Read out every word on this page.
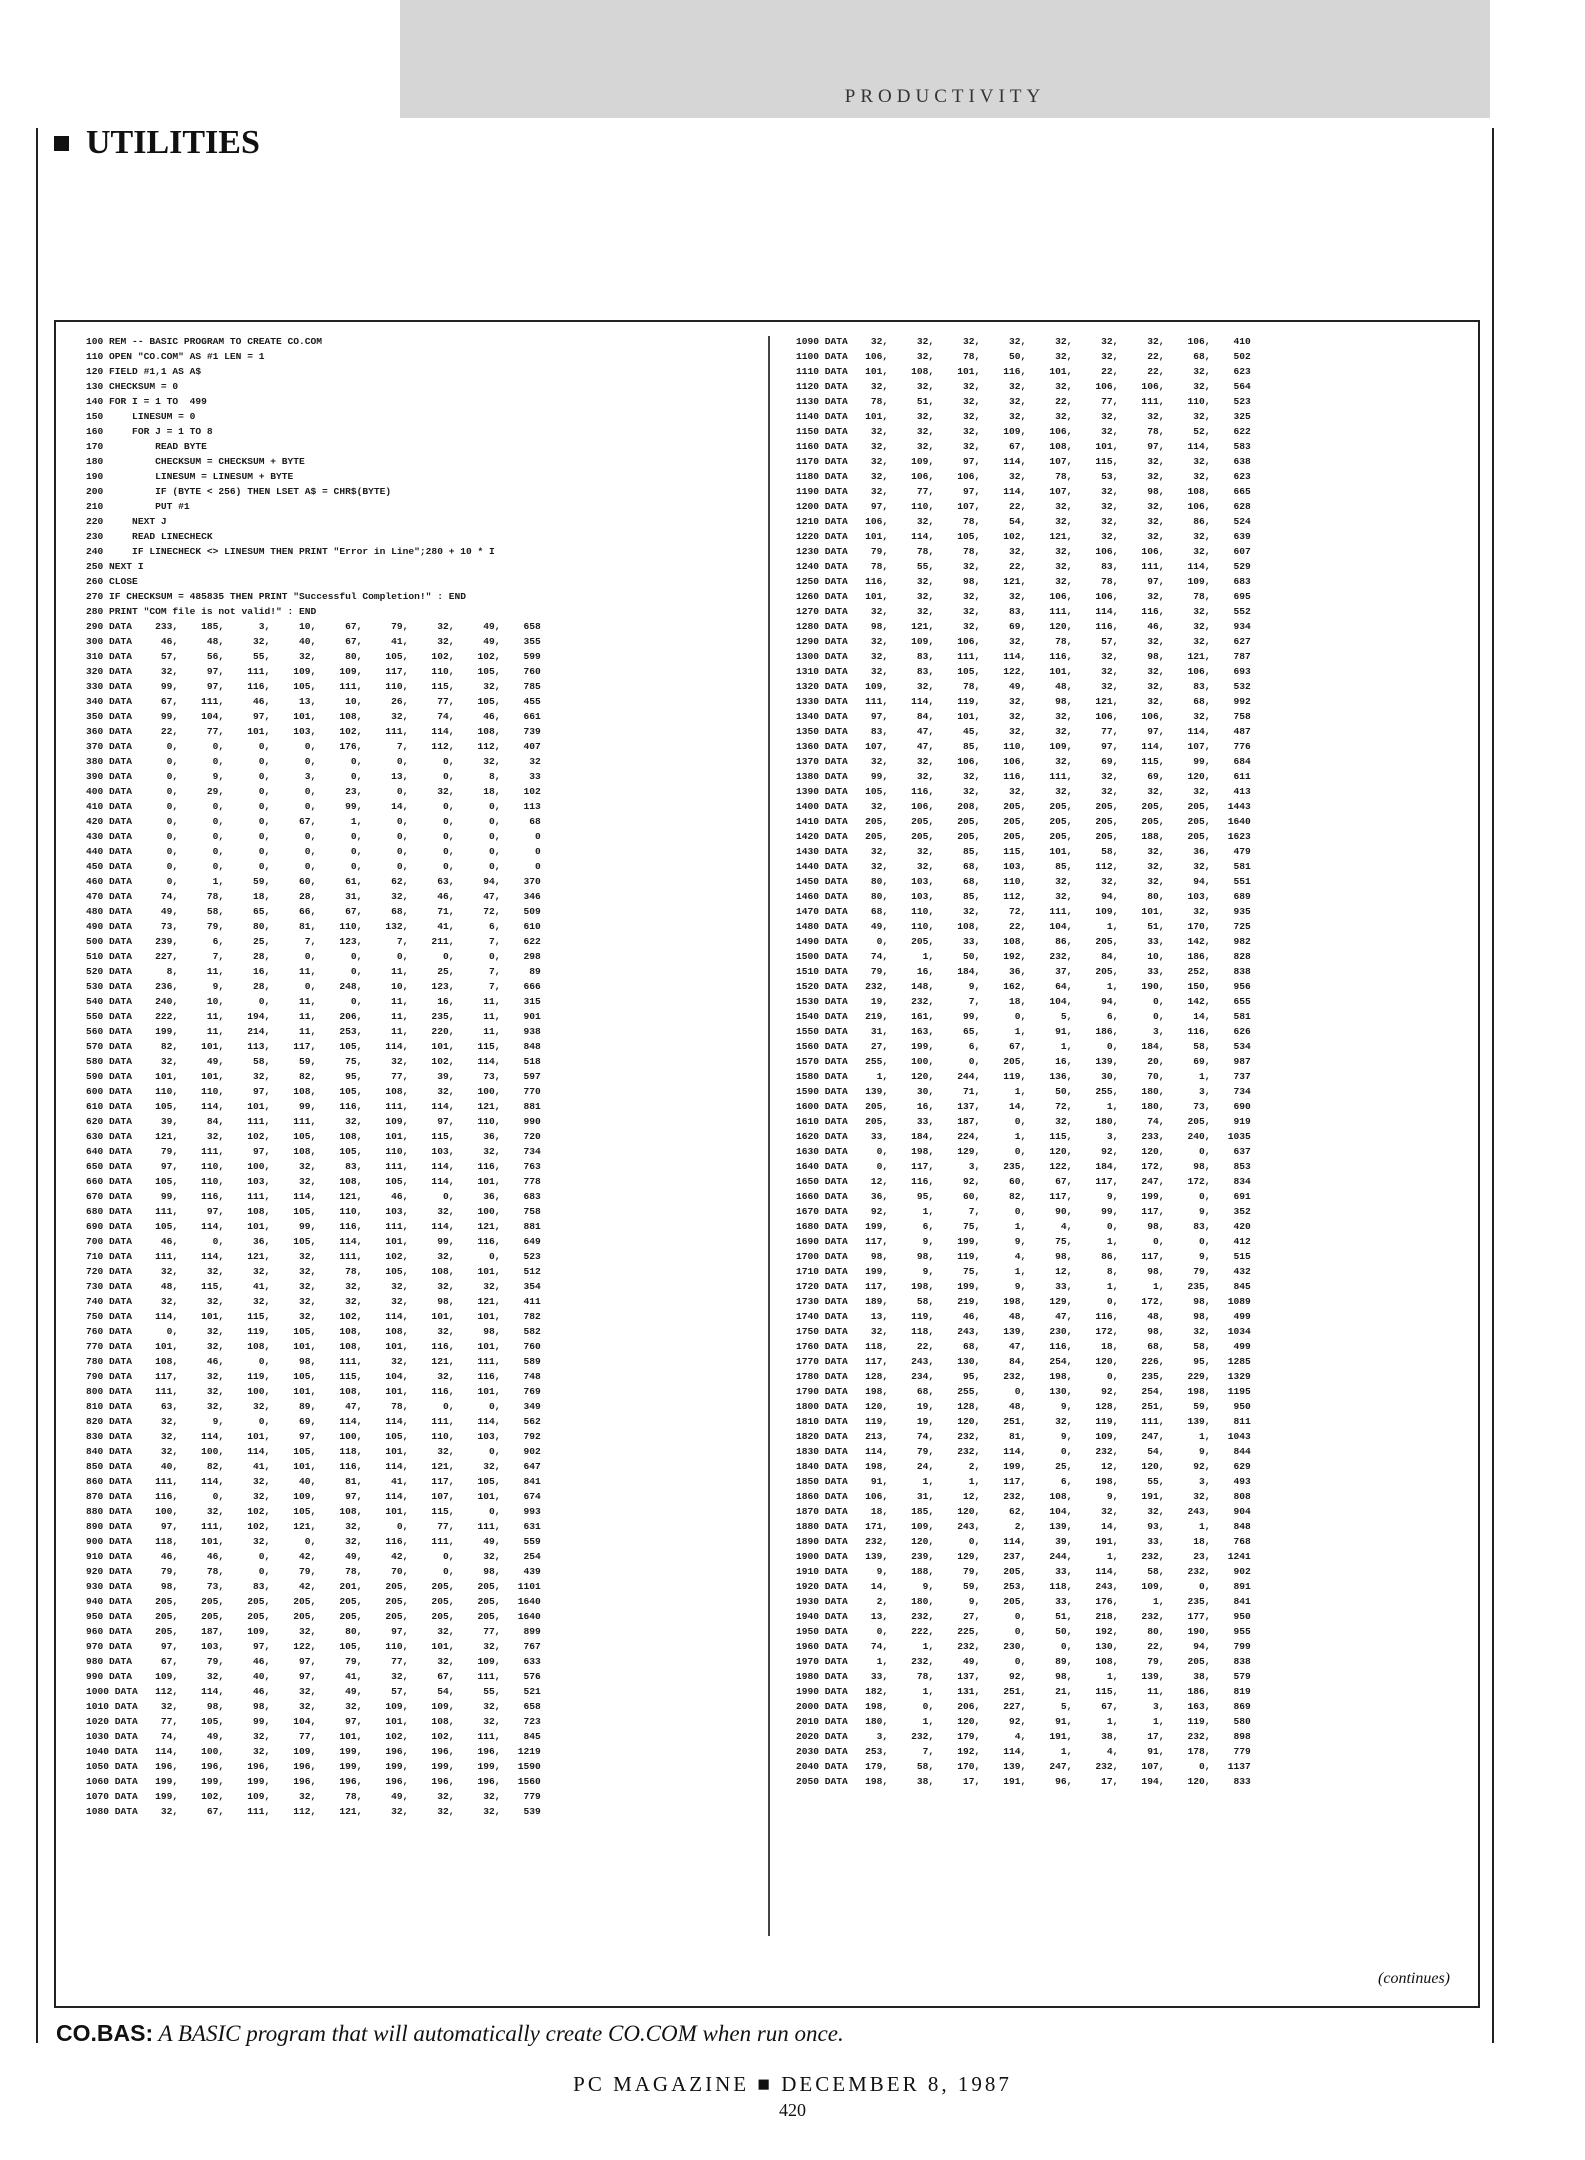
PRODUCTIVITY
UTILITIES
100 REM -- BASIC PROGRAM TO CREATE CO.COM
110 OPEN "CO.COM" AS #1 LEN = 1
120 FIELD #1,1 AS A$
130 CHECKSUM = 0
140 FOR I = 1 TO  499
150     LINESUM = 0
160     FOR J = 1 TO 8
170         READ BYTE
180         CHECKSUM = CHECKSUM + BYTE
190         LINESUM = LINESUM + BYTE
200         IF (BYTE < 256) THEN LSET A$ = CHR$(BYTE)
210         PUT #1
220     NEXT J
230     READ LINECHECK
240     IF LINECHECK <> LINESUM THEN PRINT "Error in Line";280 + 10 * I
250 NEXT I
260 CLOSE
270 IF CHECKSUM = 485835 THEN PRINT "Successful Completion!" : END
280 PRINT "COM file is not valid!" : END
290 DATA    233,    185,      3,     10,     67,     79,     32,     49,    658
300 DATA     46,     48,     32,     40,     67,     41,     32,     49,    355
310 DATA     57,     56,     55,     32,     80,    105,    102,    102,    599
320 DATA     32,     97,    111,    109,    109,    117,    110,    105,    760
330 DATA     99,     97,    116,    105,    111,    110,    115,     32,    785
340 DATA     67,    111,     46,     13,     10,     26,     77,    105,    455
350 DATA     99,    104,     97,    101,    108,     32,     74,     46,    661
360 DATA     22,     77,    101,    103,    102,    111,    114,    108,    739
370 DATA      0,      0,      0,      0,    176,      7,    112,    112,    407
380 DATA      0,      0,      0,      0,      0,      0,      0,     32,     32
390 DATA      0,      9,      0,      3,      0,     13,      0,      8,     33
400 DATA      0,     29,      0,      0,     23,      0,     32,     18,    102
410 DATA      0,      0,      0,      0,     99,     14,      0,      0,    113
420 DATA      0,      0,      0,     67,      1,      0,      0,      0,     68
430 DATA      0,      0,      0,      0,      0,      0,      0,      0,      0
440 DATA      0,      0,      0,      0,      0,      0,      0,      0,      0
450 DATA      0,      0,      0,      0,      0,      0,      0,      0,      0
460 DATA      0,      1,     59,     60,     61,     62,     63,     94,    370
470 DATA     74,     78,     18,     28,     31,     32,     46,     47,    346
480 DATA     49,     58,     65,     66,     67,     68,     71,     72,    509
490 DATA     73,     79,     80,     81,    110,    132,     41,      6,    610
500 DATA    239,      6,     25,      7,    123,      7,    211,      7,    622
510 DATA    227,      7,     28,      0,      0,      0,      0,      0,    298
520 DATA      8,     11,     16,     11,      0,     11,     25,      7,     89
530 DATA    236,      9,     28,      0,    248,     10,    123,      7,    666
540 DATA    240,     10,      0,     11,      0,     11,     16,     11,    315
550 DATA    222,     11,    194,     11,    206,     11,    235,     11,    901
560 DATA    199,     11,    214,     11,    253,     11,    220,     11,    938
570 DATA     82,    101,    113,    117,    105,    114,    101,    115,    848
580 DATA     32,     49,     58,     59,     75,     32,    102,    114,    518
590 DATA    101,    101,     32,     82,     95,     77,     39,     73,    597
600 DATA    110,    110,     97,    108,    105,    108,     32,    100,    770
610 DATA    105,    114,    101,     99,    116,    111,    114,    121,    881
620 DATA     39,     84,    111,    111,     32,    109,     97,    110,    990
630 DATA    121,     32,    102,    105,    108,    101,    115,     36,    720
640 DATA     79,    111,     97,    108,    105,    110,    103,     32,    734
650 DATA     97,    110,    100,     32,     83,    111,    114,    116,    763
660 DATA    105,    110,    103,     32,    108,    105,    114,    101,    778
670 DATA     99,    116,    111,    114,    121,     46,      0,     36,    683
680 DATA    111,     97,    108,    105,    110,    103,     32,    100,    758
690 DATA    105,    114,    101,     99,    116,    111,    114,    121,    881
700 DATA     46,      0,     36,    105,    114,    101,     99,    116,    649
710 DATA    111,    114,    121,     32,    111,    102,     32,      0,    523
720 DATA     32,     32,     32,     32,     78,    105,    108,    101,    512
730 DATA     48,    115,     41,     32,     32,     32,     32,     32,    354
740 DATA     32,     32,     32,     32,     32,     32,     98,    121,    411
750 DATA    114,    101,    115,     32,    102,    114,    101,    101,    782
760 DATA      0,     32,    119,    105,    108,    108,     32,     98,    582
770 DATA    101,     32,    108,    101,    108,    101,    116,    101,    760
780 DATA    108,     46,      0,     98,    111,     32,    121,    111,    589
790 DATA    117,     32,    119,    105,    115,    104,     32,    116,    748
800 DATA    111,     32,    100,    101,    108,    101,    116,    101,    769
810 DATA     63,     32,     32,     89,     47,     78,      0,      0,    349
820 DATA     32,      9,      0,     69,    114,    114,    111,    114,    562
830 DATA     32,    114,    101,     97,    100,    105,    110,    103,    792
840 DATA     32,    100,    114,    105,    118,    101,     32,      0,    902
850 DATA     40,     82,     41,    101,    116,    114,    121,     32,    647
860 DATA    111,    114,     32,     40,     81,     41,    117,    105,    841
870 DATA    116,      0,     32,    109,     97,    114,    107,    101,    674
880 DATA    100,     32,    102,    105,    108,    101,    115,      0,    993
890 DATA     97,    111,    102,    121,     32,      0,     77,    111,    631
900 DATA    118,    101,     32,      0,     32,    116,    111,     49,    559
910 DATA     46,     46,      0,     42,     49,     42,      0,     32,    254
920 DATA     79,     78,      0,     79,     78,     70,      0,     98,    439
930 DATA     98,     73,     83,     42,    201,    205,    205,    205,   1101
940 DATA    205,    205,    205,    205,    205,    205,    205,    205,   1640
950 DATA    205,    205,    205,    205,    205,    205,    205,    205,   1640
960 DATA    205,    187,    109,     32,     80,     97,     32,     77,    899
970 DATA     97,    103,     97,    122,    105,    110,    101,     32,    767
980 DATA     67,     79,     46,     97,     79,     77,     32,    109,    633
990 DATA    109,     32,     40,     97,     41,     32,     67,    111,    576
1000 DATA   112,    114,     46,     32,     49,     57,     54,     55,    521
1010 DATA    32,     98,     98,     32,     32,    109,    109,     32,    658
1020 DATA    77,    105,     99,    104,     97,    101,    108,     32,    723
1030 DATA    74,     49,     32,     77,    101,    102,    102,    111,    845
1040 DATA   114,    100,     32,    109,    199,    196,    196,    196,   1219
1050 DATA   196,    196,    196,    196,    199,    199,    199,    199,   1590
1060 DATA   199,    199,    199,    196,    196,    196,    196,    196,   1560
1070 DATA   199,    102,    109,     32,     78,     49,     32,     32,    779
1080 DATA    32,     67,    111,    112,    121,     32,     32,     32,    539
1090 DATA    32,     32,     32,     32,     32,     32,     32,    106,    410
1100 DATA   106,     32,     78,     50,     32,     32,     22,     68,    502
1110 DATA   101,    108,    101,    116,    101,     22,     22,     32,    623
1120 DATA    32,     32,     32,     32,     32,    106,    106,     32,    564
1130 DATA    78,     51,     32,     32,     22,     77,    111,    110,    523
1140 DATA   101,     32,     32,     32,     32,     32,     32,     32,    325
1150 DATA    32,     32,     32,    109,    106,     32,     78,     52,    622
1160 DATA    32,     32,     32,     67,    108,    101,     97,    114,    583
1170 DATA    32,    109,     97,    114,    107,    115,     32,     32,    638
1180 DATA    32,    106,    106,     32,     78,     53,     32,     32,    623
1190 DATA    32,     77,     97,    114,    107,     32,     98,    108,    665
1200 DATA    97,    110,    107,     22,     32,     32,     32,    106,    628
1210 DATA   106,     32,     78,     54,     32,     32,     32,     86,    524
1220 DATA   101,    114,    105,    102,    121,     32,     32,     32,    639
1230 DATA    79,     78,     78,     32,     32,    106,    106,     32,    607
1240 DATA    78,     55,     32,     22,     32,     83,    111,    114,    529
1250 DATA   116,     32,     98,    121,     32,     78,     97,    109,    683
1260 DATA   101,     32,     32,     32,    106,    106,     32,     78,    695
1270 DATA    32,     32,     32,     83,    111,    114,    116,     32,    552
1280 DATA    98,    121,     32,     69,    120,    116,     46,     32,    934
1290 DATA    32,    109,    106,     32,     78,     57,     32,     32,    627
1300 DATA    32,     83,    111,    114,    116,     32,     98,    121,    787
1310 DATA    32,     83,    105,    122,    101,     32,     32,    106,    693
1320 DATA   109,     32,     78,     49,     48,     32,     32,     83,    532
1330 DATA   111,    114,    119,     32,     98,    121,     32,     68,    992
1340 DATA    97,     84,    101,     32,     32,    106,    106,     32,    758
1350 DATA    83,     47,     45,     32,     32,     77,     97,    114,    487
1360 DATA   107,     47,     85,    110,    109,     97,    114,    107,    776
1370 DATA    32,     32,    106,    106,     32,     69,    115,     99,    684
1380 DATA    99,     32,     32,    116,    111,     32,     69,    120,    611
1390 DATA   105,    116,     32,     32,     32,     32,     32,     32,    413
1400 DATA    32,    106,    208,    205,    205,    205,    205,    205,   1443
1410 DATA   205,    205,    205,    205,    205,    205,    205,    205,   1640
1420 DATA   205,    205,    205,    205,    205,    205,    188,    205,   1623
1430 DATA    32,     32,     85,    115,    101,     58,     32,     36,    479
1440 DATA    32,     32,     68,    103,     85,    112,     32,     32,    581
1450 DATA    80,    103,     68,    110,     32,     32,     32,     94,    551
1460 DATA    80,    103,     85,    112,     32,     94,     80,    103,    689
1470 DATA    68,    110,     32,     72,    111,    109,    101,     32,    935
1480 DATA    49,    110,    108,     22,    104,      1,     51,    170,    725
1490 DATA     0,    205,     33,    108,     86,    205,     33,    142,    982
1500 DATA    74,      1,     50,    192,    232,     84,     10,    186,    828
1510 DATA    79,     16,    184,     36,     37,    205,     33,    252,    838
1520 DATA   232,    148,      9,    162,     64,      1,    190,    150,    956
1530 DATA    19,    232,      7,     18,    104,     94,      0,    142,    655
1540 DATA   219,    161,     99,      0,      5,      6,      0,     14,    581
1550 DATA    31,    163,     65,      1,     91,    186,      3,    116,    626
1560 DATA    27,    199,      6,     67,      1,      0,    184,     58,    534
1570 DATA   255,    100,      0,    205,     16,    139,     20,     69,    987
1580 DATA     1,    120,    244,    119,    136,     30,     70,      1,    737
1590 DATA   139,     30,     71,      1,     50,    255,    180,      3,    734
1600 DATA   205,     16,    137,     14,     72,      1,    180,     73,    690
1610 DATA   205,     33,    187,      0,     32,    180,     74,    205,    919
1620 DATA    33,    184,    224,      1,    115,      3,    233,    240,   1035
1630 DATA     0,    198,    129,      0,    120,     92,    120,      0,    637
1640 DATA     0,    117,      3,    235,    122,    184,    172,     98,    853
1650 DATA    12,    116,     92,     60,     67,    117,    247,    172,    834
1660 DATA    36,     95,     60,     82,    117,      9,    199,      0,    691
1670 DATA    92,      1,      7,      0,     90,     99,    117,      9,    352
1680 DATA   199,      6,     75,      1,      4,      0,     98,     83,    420
1690 DATA   117,      9,    199,      9,     75,      1,      0,      0,    412
1700 DATA    98,     98,    119,      4,     98,     86,    117,      9,    515
1710 DATA   199,      9,     75,      1,     12,      8,     98,     79,    432
1720 DATA   117,    198,    199,      9,     33,      1,      1,    235,    845
1730 DATA   189,     58,    219,    198,    129,      0,    172,     98,   1089
1740 DATA    13,    119,     46,     48,     47,    116,     48,     98,    499
1750 DATA    32,    118,    243,    139,    230,    172,     98,     32,   1034
1760 DATA   118,     22,     68,     47,    116,     18,     68,     58,    499
1770 DATA   117,    243,    130,     84,    254,    120,    226,     95,   1285
1780 DATA   128,    234,     95,    232,    198,      0,    235,    229,   1329
1790 DATA   198,     68,    255,      0,    130,     92,    254,    198,   1195
1800 DATA   120,     19,    128,     48,      9,    128,    251,     59,    950
1810 DATA   119,     19,    120,    251,     32,    119,    111,    139,    811
1820 DATA   213,     74,    232,     81,      9,    109,    247,      1,   1043
1830 DATA   114,     79,    232,    114,      0,    232,     54,      9,    844
1840 DATA   198,     24,      2,    199,     25,     12,    120,     92,    629
1850 DATA    91,      1,      1,    117,      6,    198,     55,      3,    493
1860 DATA   106,     31,     12,    232,    108,      9,    191,     32,    808
1870 DATA    18,    185,    120,     62,    104,     32,     32,    243,    904
1880 DATA   171,    109,    243,      2,    139,     14,     93,      1,    848
1890 DATA   232,    120,      0,    114,     39,    191,     33,     18,    768
1900 DATA   139,    239,    129,    237,    244,      1,    232,     23,   1241
1910 DATA     9,    188,     79,    205,     33,    114,     58,    232,    902
1920 DATA    14,      9,     59,    253,    118,    243,    109,      0,    891
1930 DATA     2,    180,      9,    205,     33,    176,      1,    235,    841
1940 DATA    13,    232,     27,      0,     51,    218,    232,    177,    950
1950 DATA     0,    222,    225,      0,     50,    192,     80,    190,    955
1960 DATA    74,      1,    232,    230,      0,    130,     22,     94,    799
1970 DATA     1,    232,     49,      0,     89,    108,     79,    205,    838
1980 DATA    33,     78,    137,     92,     98,      1,    139,     38,    579
1990 DATA   182,      1,    131,    251,     21,    115,     11,    186,    819
2000 DATA   198,      0,    206,    227,      5,     67,      3,    163,    869
2010 DATA   180,      1,    120,     92,     91,      1,      1,    119,    580
2020 DATA     3,    232,    179,      4,    191,     38,     17,    232,    898
2030 DATA   253,      7,    192,    114,      1,      4,     91,    178,    779
2040 DATA   179,     58,    170,    139,    247,    232,    107,      0,   1137
2050 DATA   198,     38,     17,    191,     96,     17,    194,    120,    833
(continues)
CO.BAS: A BASIC program that will automatically create CO.COM when run once.
PC MAGAZINE ■ DECEMBER 8, 1987
420
